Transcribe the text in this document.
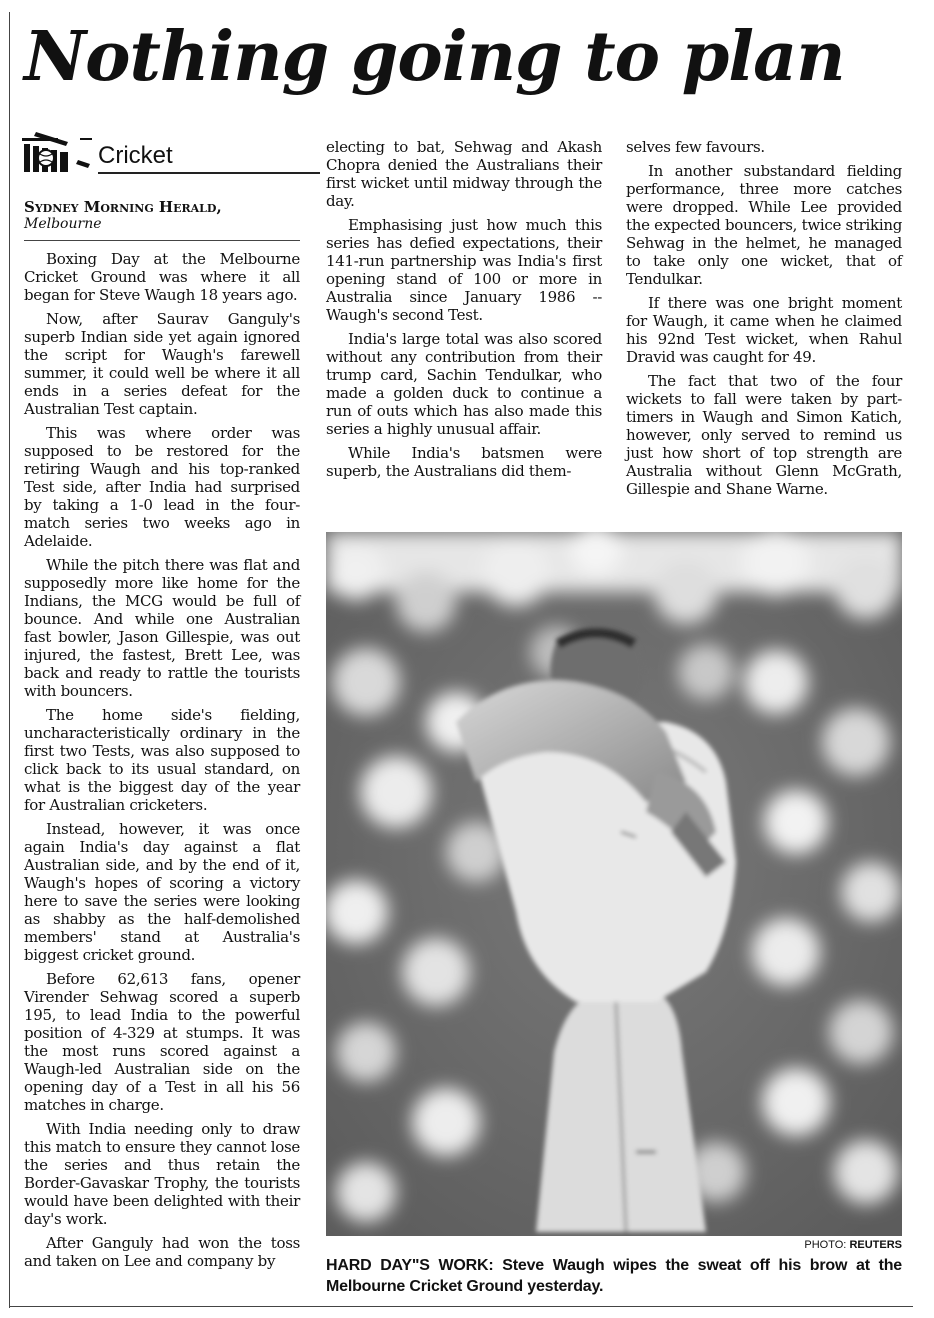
Nothing going to plan
Cricket
Sydney Morning Herald,
Melbourne

Boxing Day at the Melbourne Cricket Ground was where it all began for Steve Waugh 18 years ago.

Now, after Saurav Ganguly's superb Indian side yet again ignored the script for Waugh's farewell summer, it could well be where it all ends in a series defeat for the Australian Test captain.

This was where order was supposed to be restored for the retiring Waugh and his top-ranked Test side, after India had surprised by taking a 1-0 lead in the four-match series two weeks ago in Adelaide.

While the pitch there was flat and supposedly more like home for the Indians, the MCG would be full of bounce. And while one Australian fast bowler, Jason Gillespie, was out injured, the fastest, Brett Lee, was back and ready to rattle the tourists with bouncers.

The home side's fielding, uncharacteristically ordinary in the first two Tests, was also supposed to click back to its usual standard, on what is the biggest day of the year for Australian cricketers.

Instead, however, it was once again India's day against a flat Australian side, and by the end of it, Waugh's hopes of scoring a victory here to save the series were looking as shabby as the half-demolished members' stand at Australia's biggest cricket ground.

Before 62,613 fans, opener Virender Sehwag scored a superb 195, to lead India to the powerful position of 4-329 at stumps. It was the most runs scored against a Waugh-led Australian side on the opening day of a Test in all his 56 matches in charge.

With India needing only to draw this match to ensure they cannot lose the series and thus retain the Border-Gavaskar Trophy, the tourists would have been delighted with their day's work.

After Ganguly had won the toss and taken on Lee and company by

electing to bat, Sehwag and Akash Chopra denied the Australians their first wicket until midway through the day.

Emphasising just how much this series has defied expectations, their 141-run partnership was India's first opening stand of 100 or more in Australia since January 1986 -- Waugh's second Test.

India's large total was also scored without any contribution from their trump card, Sachin Tendulkar, who made a golden duck to continue a run of outs which has also made this series a highly unusual affair.

While India's batsmen were superb, the Australians did them-

selves few favours.

In another substandard fielding performance, three more catches were dropped. While Lee provided the expected bouncers, twice striking Sehwag in the helmet, he managed to take only one wicket, that of Tendulkar.

If there was one bright moment for Waugh, it came when he claimed his 92nd Test wicket, when Rahul Dravid was caught for 49.

The fact that two of the four wickets to fall were taken by part-timers in Waugh and Simon Katich, however, only served to remind us just how short of top strength are Australia without Glenn McGrath, Gillespie and Shane Warne.

PHOTO: REUTERS
HARD DAY"S WORK: Steve Waugh wipes the sweat off his brow at the Melbourne Cricket Ground yesterday.
